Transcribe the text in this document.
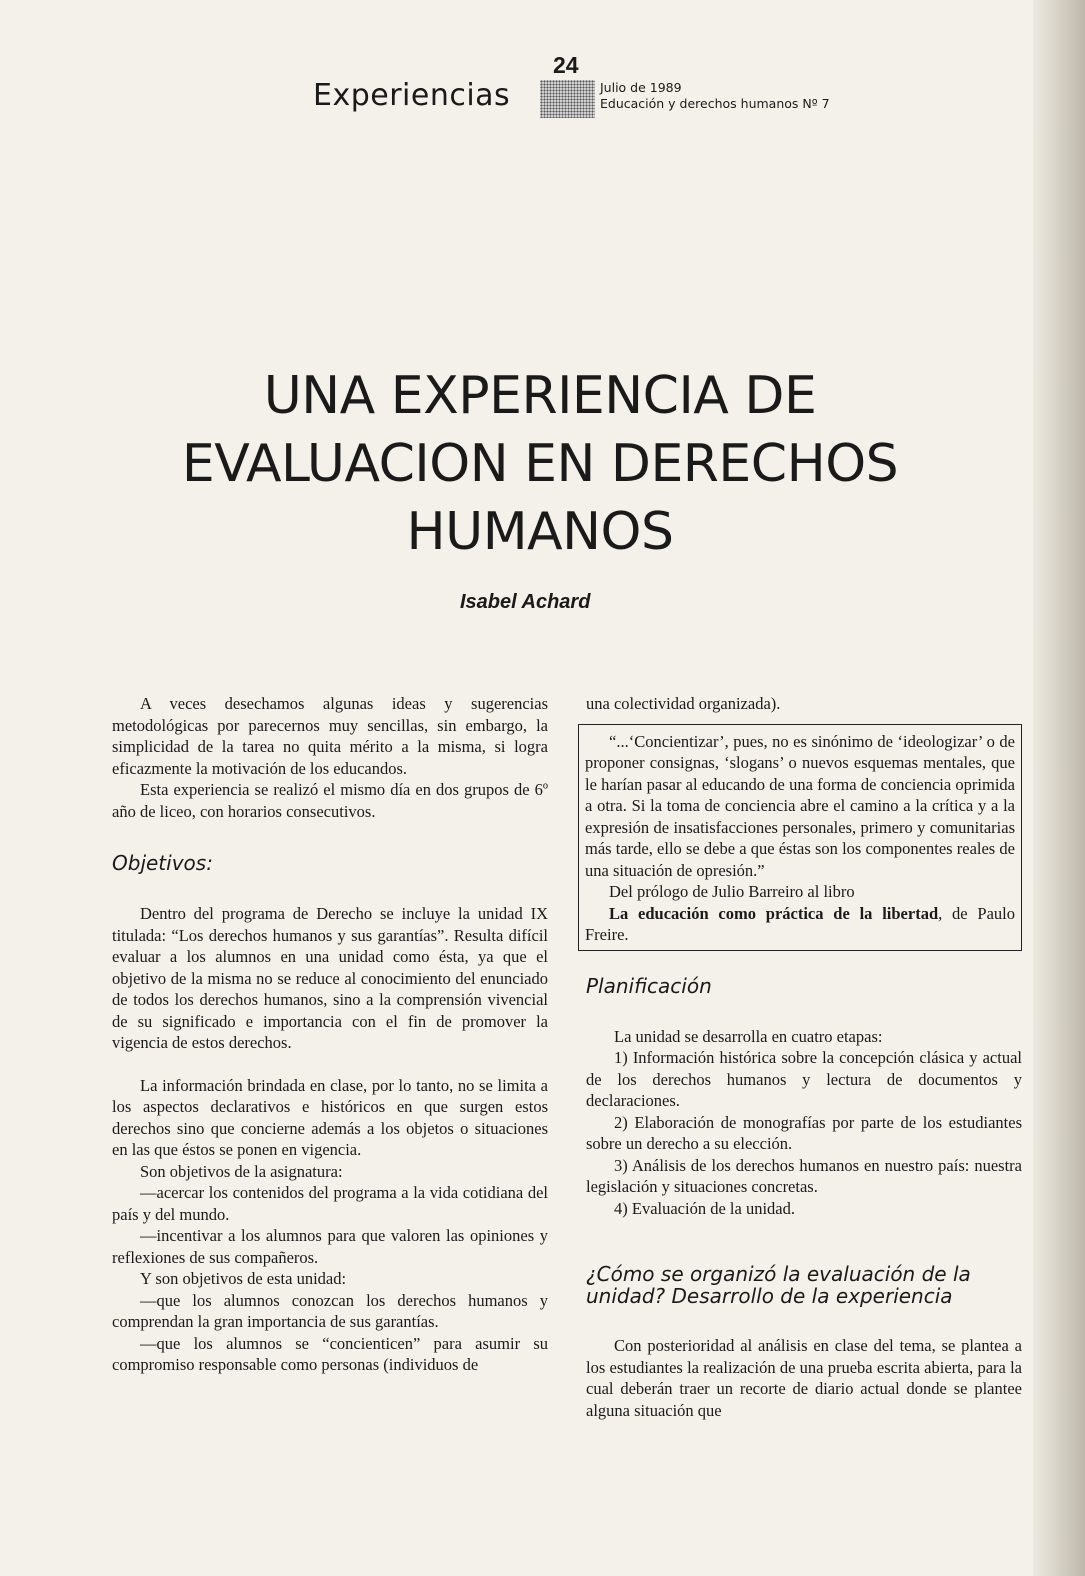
24
Experiencias	Julio de 1989
Educación y derechos humanos Nº 7
UNA EXPERIENCIA DE
EVALUACION EN DERECHOS
HUMANOS
Isabel Achard

A veces desechamos algunas ideas y sugerencias metodológicas por parecernos muy sencillas, sin embargo, la simplicidad de la tarea no quita mérito a la misma, si logra eficazmente la motivación de los educandos.

Esta experiencia se realizó el mismo día en dos grupos de 6º año de liceo, con horarios consecutivos.

Objetivos:

Dentro del programa de Derecho se incluye la unidad IX titulada: “Los derechos humanos y sus garantías”. Resulta difícil evaluar a los alumnos en una unidad como ésta, ya que el objetivo de la misma no se reduce al conocimiento del enunciado de todos los derechos humanos, sino a la comprensión vivencial de su significado e importancia con el fin de promover la vigencia de estos derechos.

La información brindada en clase, por lo tanto, no se limita a los aspectos declarativos e históricos en que surgen estos derechos sino que concierne además a los objetos o situaciones en las que éstos se ponen en vigencia.

Son objetivos de la asignatura:

—acercar los contenidos del programa a la vida cotidiana del país y del mundo.

—incentivar a los alumnos para que valoren las opiniones y reflexiones de sus compañeros.

Y son objetivos de esta unidad:

—que los alumnos conozcan los derechos humanos y comprendan la gran importancia de sus garantías.

—que los alumnos se “concienticen” para asumir su compromiso responsable como personas (individuos de

una colectividad organizada).

“...‘Concientizar’, pues, no es sinónimo de ‘ideologizar’ o de proponer consignas, ‘slogans’ o nuevos esquemas mentales, que le harían pasar al educando de una forma de conciencia oprimida a otra. Si la toma de conciencia abre el camino a la crítica y a la expresión de insatisfacciones personales, primero y comunitarias más tarde, ello se debe a que éstas son los componentes reales de una situación de opresión.”

Del prólogo de Julio Barreiro al libro

La educación como práctica de la libertad, de Paulo Freire.

Planificación

La unidad se desarrolla en cuatro etapas:

1) Información histórica sobre la concepción clásica y actual de los derechos humanos y lectura de documentos y declaraciones.

2) Elaboración de monografías por parte de los estudiantes sobre un derecho a su elección.

3) Análisis de los derechos humanos en nuestro país: nuestra legislación y situaciones concretas.

4) Evaluación de la unidad.

¿Cómo se organizó la evaluación de la unidad? Desarrollo de la experiencia

Con posterioridad al análisis en clase del tema, se plantea a los estudiantes la realización de una prueba escrita abierta, para la cual deberán traer un recorte de diario actual donde se plantee alguna situación que
